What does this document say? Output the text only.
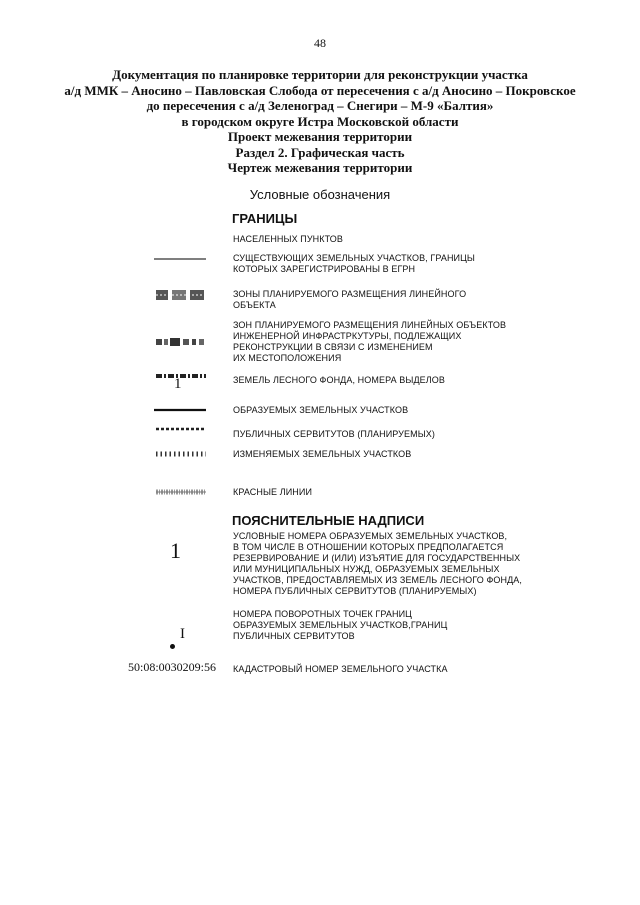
48
Документация по планировке территории для реконструкции участка
а/д ММК – Аносино – Павловская Слобода от пересечения с а/д Аносино – Покровское
до пересечения с а/д Зеленоград – Снегири – М-9 «Балтия»
в городском округе Истра Московской области
Проект межевания территории
Раздел 2. Графическая часть
Чертеж межевания территории
Условные обозначения
ГРАНИЦЫ
НАСЕЛЕННЫХ ПУНКТОВ
СУЩЕСТВУЮЩИХ ЗЕМЕЛЬНЫХ УЧАСТКОВ, ГРАНИЦЫ
КОТОРЫХ ЗАРЕГИСТРИРОВАНЫ В ЕГРН
ЗОНЫ ПЛАНИРУЕМОГО РАЗМЕЩЕНИЯ ЛИНЕЙНОГО
ОБЪЕКТА
ЗОН ПЛАНИРУЕМОГО РАЗМЕЩЕНИЯ ЛИНЕЙНЫХ ОБЪЕКТОВ
ИНЖЕНЕРНОЙ ИНФРАСТРКУТУРЫ, ПОДЛЕЖАЩИХ
РЕКОНСТРУКЦИИ В СВЯЗИ С ИЗМЕНЕНИЕМ
ИХ МЕСТОПОЛОЖЕНИЯ
1	ЗЕМЕЛЬ ЛЕСНОГО ФОНДА, НОМЕРА ВЫДЕЛОВ
ОБРАЗУЕМЫХ ЗЕМЕЛЬНЫХ УЧАСТКОВ
ПУБЛИЧНЫХ СЕРВИТУТОВ (ПЛАНИРУЕМЫХ)
ИЗМЕНЯЕМЫХ ЗЕМЕЛЬНЫХ УЧАСТКОВ
КРАСНЫЕ ЛИНИИ
ПОЯСНИТЕЛЬНЫЕ НАДПИСИ
1
УСЛОВНЫЕ НОМЕРА ОБРАЗУЕМЫХ ЗЕМЕЛЬНЫХ УЧАСТКОВ,
В ТОМ ЧИСЛЕ В ОТНОШЕНИИ КОТОРЫХ ПРЕДПОЛАГАЕТСЯ
РЕЗЕРВИРОВАНИЕ И (ИЛИ) ИЗЪЯТИЕ ДЛЯ ГОСУДАРСТВЕННЫХ
ИЛИ МУНИЦИПАЛЬНЫХ НУЖД, ОБРАЗУЕМЫХ ЗЕМЕЛЬНЫХ
УЧАСТКОВ, ПРЕДОСТАВЛЯЕМЫХ ИЗ ЗЕМЕЛЬ ЛЕСНОГО ФОНДА,
НОМЕРА ПУБЛИЧНЫХ СЕРВИТУТОВ (ПЛАНИРУЕМЫХ)
I
НОМЕРА ПОВОРОТНЫХ ТОЧЕК ГРАНИЦ
ОБРАЗУЕМЫХ ЗЕМЕЛЬНЫХ УЧАСТКОВ,ГРАНИЦ
ПУБЛИЧНЫХ СЕРВИТУТОВ
50:08:0030209:56 КАДАСТРОВЫЙ НОМЕР ЗЕМЕЛЬНОГО УЧАСТКА
